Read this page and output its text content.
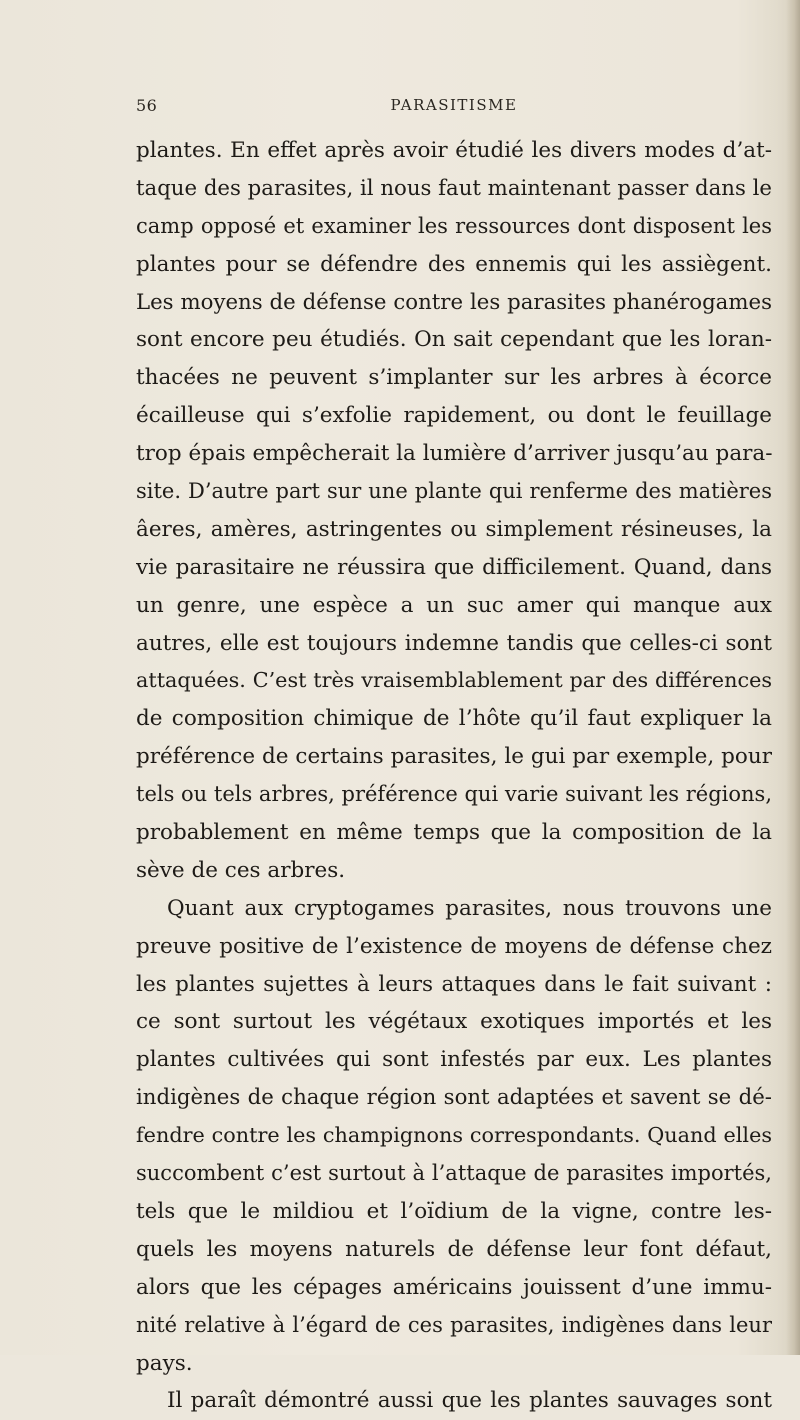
56	PARASITISME
plantes. En effet après avoir étudié les divers modes d’at-
taque des parasites, il nous faut maintenant passer dans le
camp opposé et examiner les ressources dont disposent les
plantes pour se défendre des ennemis qui les assiègent.
Les moyens de défense contre les parasites phanérogames
sont encore peu étudiés. On sait cependant que les loran-
thacées ne peuvent s’implanter sur les arbres à écorce
écailleuse qui s’exfolie rapidement, ou dont le feuillage
trop épais empêcherait la lumière d’arriver jusqu’au para-
site. D’autre part sur une plante qui renferme des matières
âeres, amères, astringentes ou simplement résineuses, la
vie parasitaire ne réussira que difficilement. Quand, dans
un genre, une espèce a un suc amer qui manque aux
autres, elle est toujours indemne tandis que celles-ci sont
attaquées. C’est très vraisemblablement par des différences
de composition chimique de l’hôte qu’il faut expliquer la
préférence de certains parasites, le gui par exemple, pour
tels ou tels arbres, préférence qui varie suivant les régions,
probablement en même temps que la composition de la
sève de ces arbres.
Quant aux cryptogames parasites, nous trouvons une
preuve positive de l’existence de moyens de défense chez
les plantes sujettes à leurs attaques dans le fait suivant :
ce sont surtout les végétaux exotiques importés et les
plantes cultivées qui sont infestés par eux. Les plantes
indigènes de chaque région sont adaptées et savent se dé-
fendre contre les champignons correspondants. Quand elles
succombent c’est surtout à l’attaque de parasites importés,
tels que le mildiou et l’oïdium de la vigne, contre les-
quels les moyens naturels de défense leur font défaut,
alors que les cépages américains jouissent d’une immu-
nité relative à l’égard de ces parasites, indigènes dans leur
pays.
Il paraît démontré aussi que les plantes sauvages sont
